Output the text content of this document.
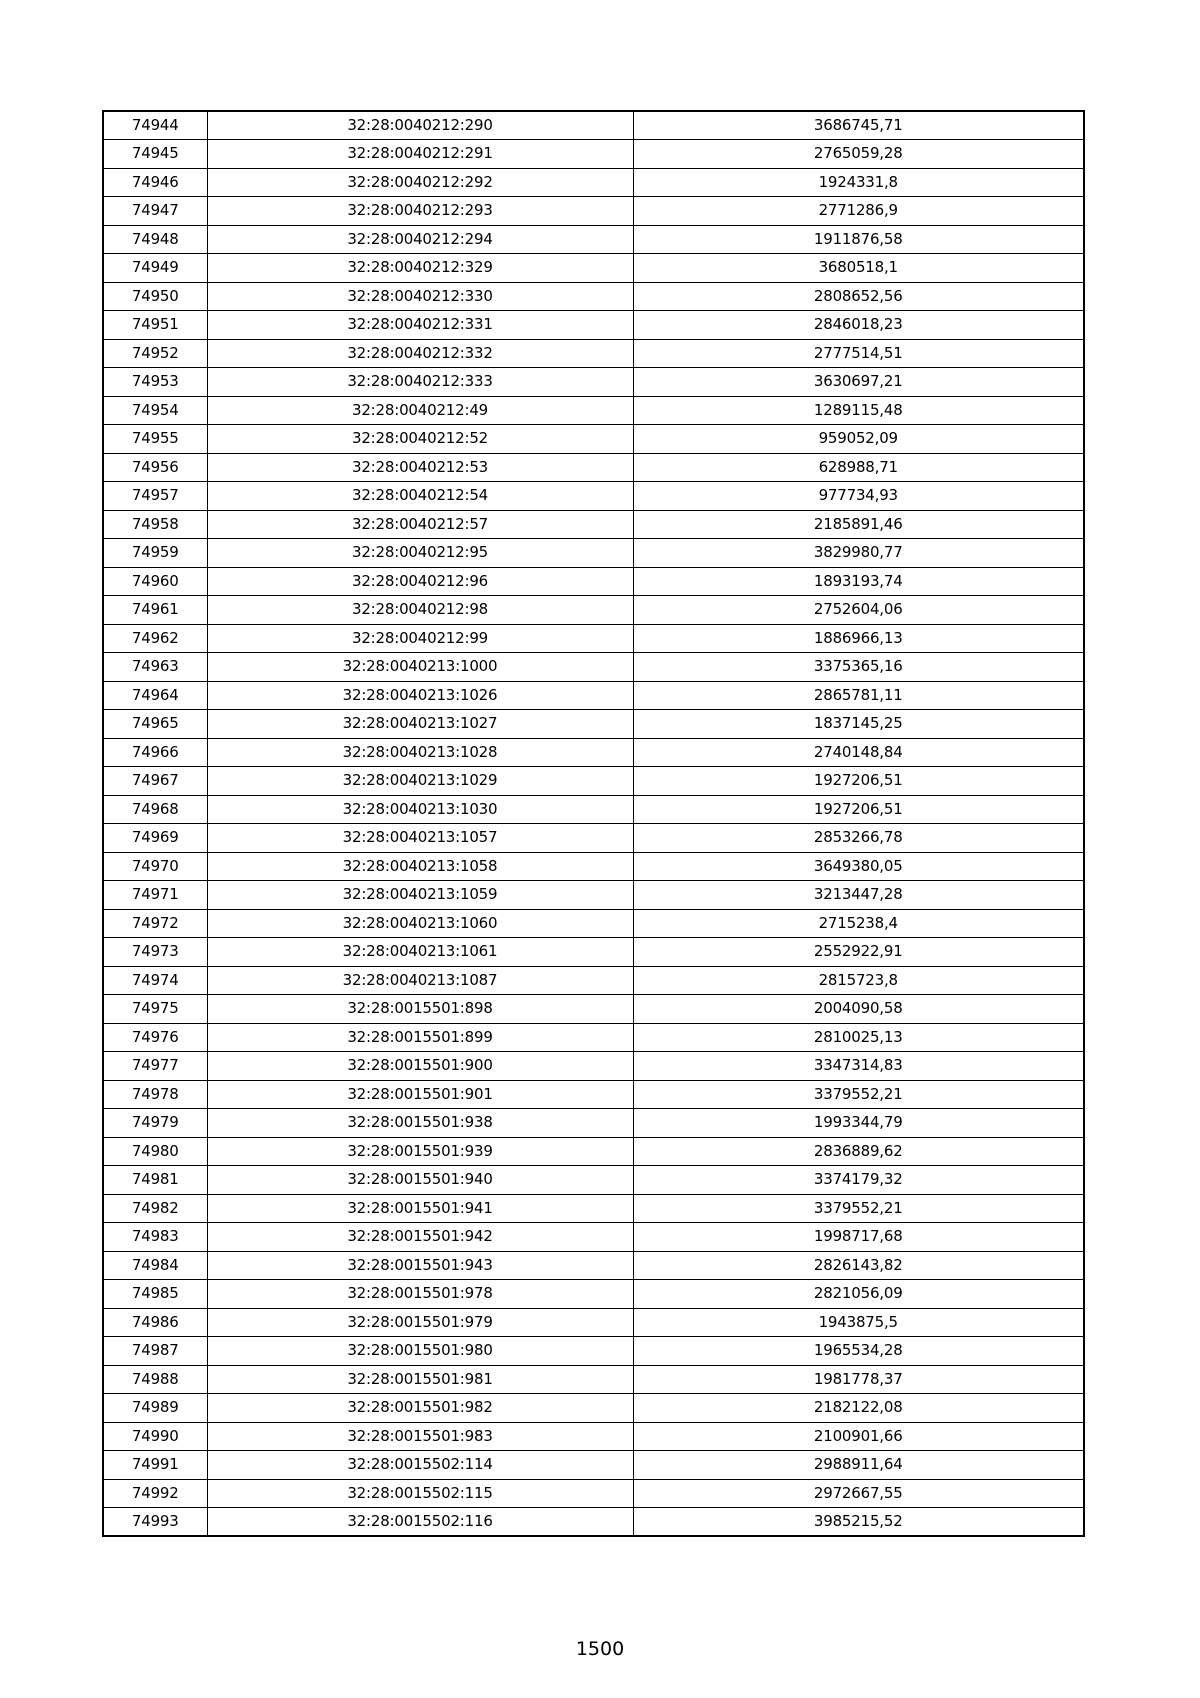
74944	32:28:0040212:290	3686745,71
74945	32:28:0040212:291	2765059,28
74946	32:28:0040212:292	1924331,8
74947	32:28:0040212:293	2771286,9
74948	32:28:0040212:294	1911876,58
74949	32:28:0040212:329	3680518,1
74950	32:28:0040212:330	2808652,56
74951	32:28:0040212:331	2846018,23
74952	32:28:0040212:332	2777514,51
74953	32:28:0040212:333	3630697,21
74954	32:28:0040212:49	1289115,48
74955	32:28:0040212:52	959052,09
74956	32:28:0040212:53	628988,71
74957	32:28:0040212:54	977734,93
74958	32:28:0040212:57	2185891,46
74959	32:28:0040212:95	3829980,77
74960	32:28:0040212:96	1893193,74
74961	32:28:0040212:98	2752604,06
74962	32:28:0040212:99	1886966,13
74963	32:28:0040213:1000	3375365,16
74964	32:28:0040213:1026	2865781,11
74965	32:28:0040213:1027	1837145,25
74966	32:28:0040213:1028	2740148,84
74967	32:28:0040213:1029	1927206,51
74968	32:28:0040213:1030	1927206,51
74969	32:28:0040213:1057	2853266,78
74970	32:28:0040213:1058	3649380,05
74971	32:28:0040213:1059	3213447,28
74972	32:28:0040213:1060	2715238,4
74973	32:28:0040213:1061	2552922,91
74974	32:28:0040213:1087	2815723,8
74975	32:28:0015501:898	2004090,58
74976	32:28:0015501:899	2810025,13
74977	32:28:0015501:900	3347314,83
74978	32:28:0015501:901	3379552,21
74979	32:28:0015501:938	1993344,79
74980	32:28:0015501:939	2836889,62
74981	32:28:0015501:940	3374179,32
74982	32:28:0015501:941	3379552,21
74983	32:28:0015501:942	1998717,68
74984	32:28:0015501:943	2826143,82
74985	32:28:0015501:978	2821056,09
74986	32:28:0015501:979	1943875,5
74987	32:28:0015501:980	1965534,28
74988	32:28:0015501:981	1981778,37
74989	32:28:0015501:982	2182122,08
74990	32:28:0015501:983	2100901,66
74991	32:28:0015502:114	2988911,64
74992	32:28:0015502:115	2972667,55
74993	32:28:0015502:116	3985215,52
1500
